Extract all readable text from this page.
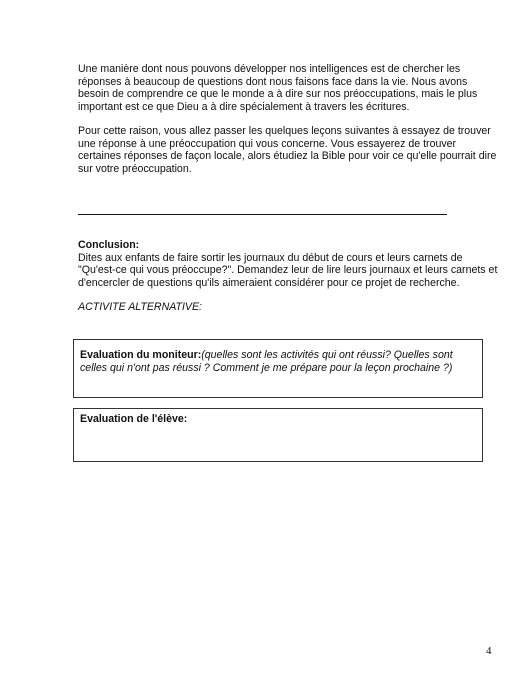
Une manière dont nous pouvons développer nos intelligences est de chercher les réponses à beaucoup de questions dont nous faisons face dans la vie. Nous avons besoin de comprendre ce que le monde a à dire sur nos préoccupations, mais le plus important est ce que Dieu a à dire spécialement à travers les écritures.

Pour cette raison, vous allez passer les quelques leçons suivantes à essayez de trouver une réponse à une préoccupation qui vous concerne. Vous essayerez de trouver certaines réponses de façon locale, alors étudiez la Bible pour voir ce qu'elle pourrait dire sur votre préoccupation.

Conclusion:
Dites aux enfants de faire sortir les journaux du début de cours et leurs carnets de "Qu'est-ce qui vous préoccupe?". Demandez leur de lire leurs journaux et leurs carnets et d'encercler de questions qu'ils aimeraient considérer pour ce projet de recherche.

ACTIVITE ALTERNATIVE:

Evaluation du moniteur:(quelles sont les activités qui ont réussi? Quelles sont celles qui n'ont pas réussi ? Comment je me prépare pour la leçon prochaine ?)

Evaluation de l'élève:

4
